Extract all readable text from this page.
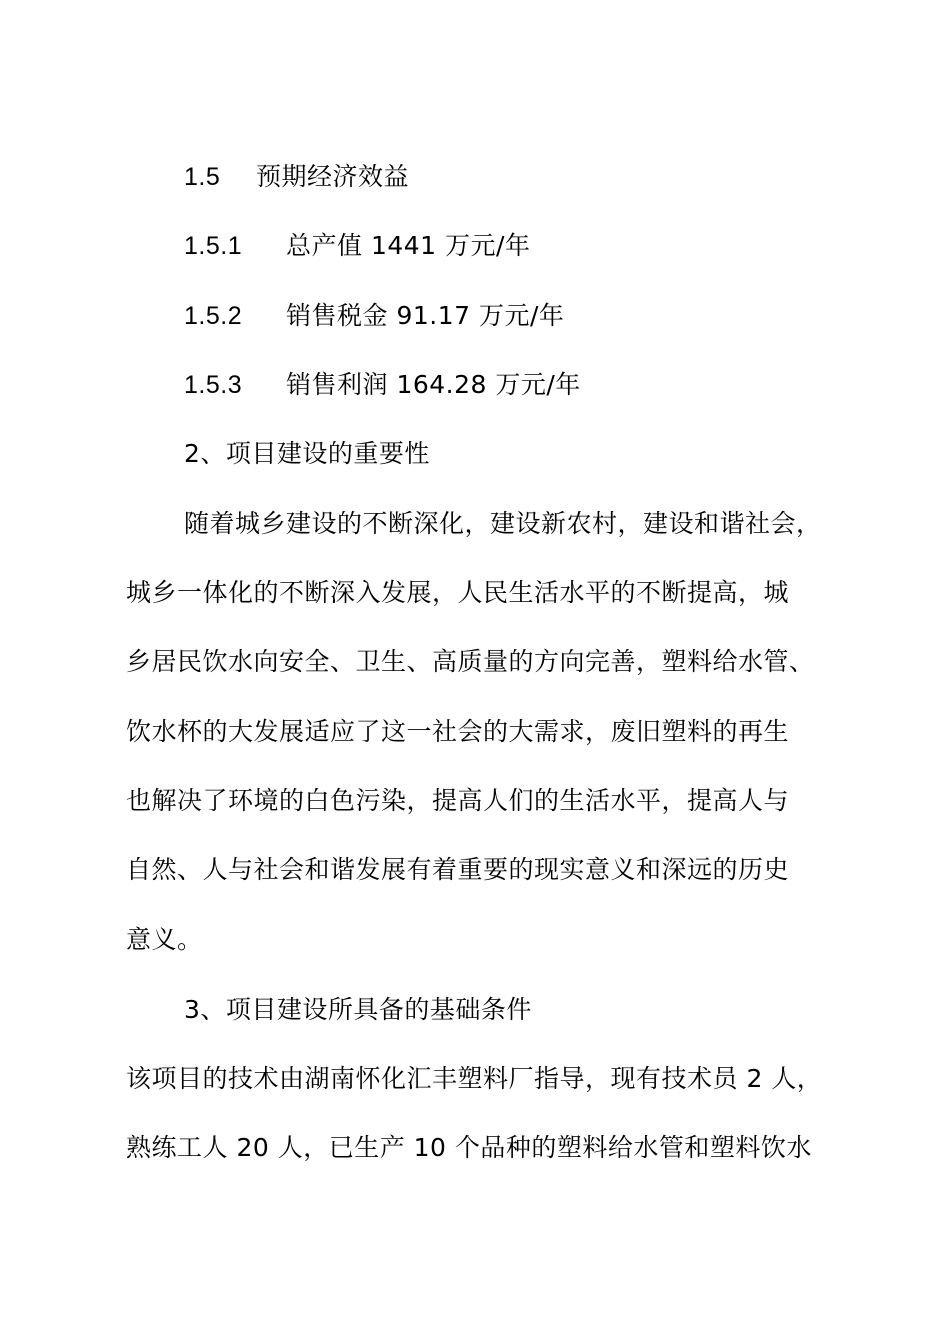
1.5 预期经济效益
1.5.1 总产值 1441 万元/年
1.5.2 销售税金 91.17 万元/年
1.5.3 销售利润 164.28 万元/年
2、项目建设的重要性
随着城乡建设的不断深化，建设新农村，建设和谐社会，
城乡一体化的不断深入发展，人民生活水平的不断提高，城
乡居民饮水向安全、卫生、高质量的方向完善，塑料给水管、
饮水杯的大发展适应了这一社会的大需求，废旧塑料的再生
也解决了环境的白色污染，提高人们的生活水平，提高人与
自然、人与社会和谐发展有着重要的现实意义和深远的历史
意义。
3、项目建设所具备的基础条件
该项目的技术由湖南怀化汇丰塑料厂指导，现有技术员 2 人，
熟练工人 20 人，已生产 10 个品种的塑料给水管和塑料饮水
